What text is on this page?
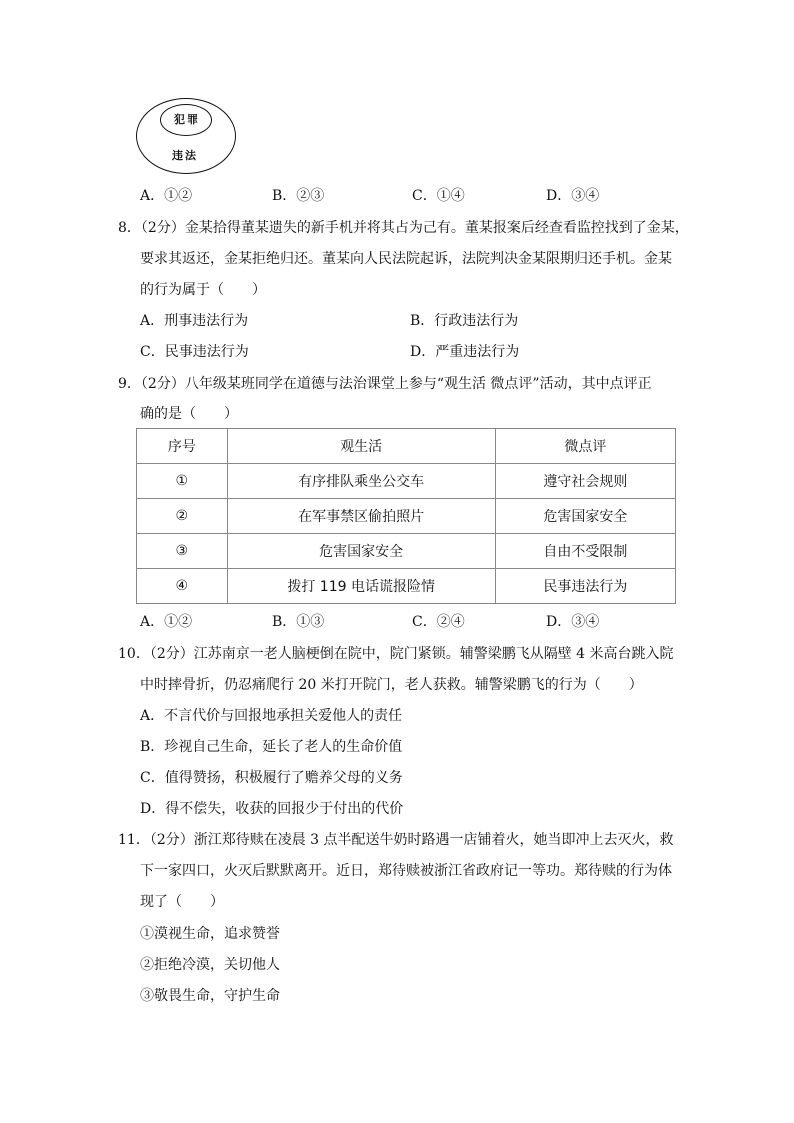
犯罪
违法
A．①②	B．②③	C．①④	D．③④
8．（2分）金某拾得董某遗失的新手机并将其占为己有。董某报案后经查看监控找到了金某，
要求其返还，金某拒绝归还。董某向人民法院起诉，法院判决金某限期归还手机。金某
的行为属于（　　）
A．刑事违法行为	B．行政违法行为
C．民事违法行为	D．严重违法行为
9．（2分）八年级某班同学在道德与法治课堂上参与“观生活 微点评”活动，其中点评正
确的是（　　）
序号	观生活	微点评
①	有序排队乘坐公交车	遵守社会规则
②	在军事禁区偷拍照片	危害国家安全
③	危害国家安全	自由不受限制
④	拨打 119 电话谎报险情	民事违法行为
A．①②	B．①③	C．②④	D．③④
10．（2分）江苏南京一老人脑梗倒在院中，院门紧锁。辅警梁鹏飞从隔壁 4 米高台跳入院
中时摔骨折，仍忍痛爬行 20 米打开院门，老人获救。辅警梁鹏飞的行为（　　）
A．不言代价与回报地承担关爱他人的责任
B．珍视自己生命，延长了老人的生命价值
C．值得赞扬，积极履行了赡养父母的义务
D．得不偿失，收获的回报少于付出的代价
11．（2分）浙江郑待赎在凌晨 3 点半配送牛奶时路遇一店铺着火，她当即冲上去灭火，救
下一家四口，火灭后默默离开。近日，郑待赎被浙江省政府记一等功。郑待赎的行为体
现了（　　）
①漠视生命，追求赞誉
②拒绝冷漠，关切他人
③敬畏生命，守护生命
